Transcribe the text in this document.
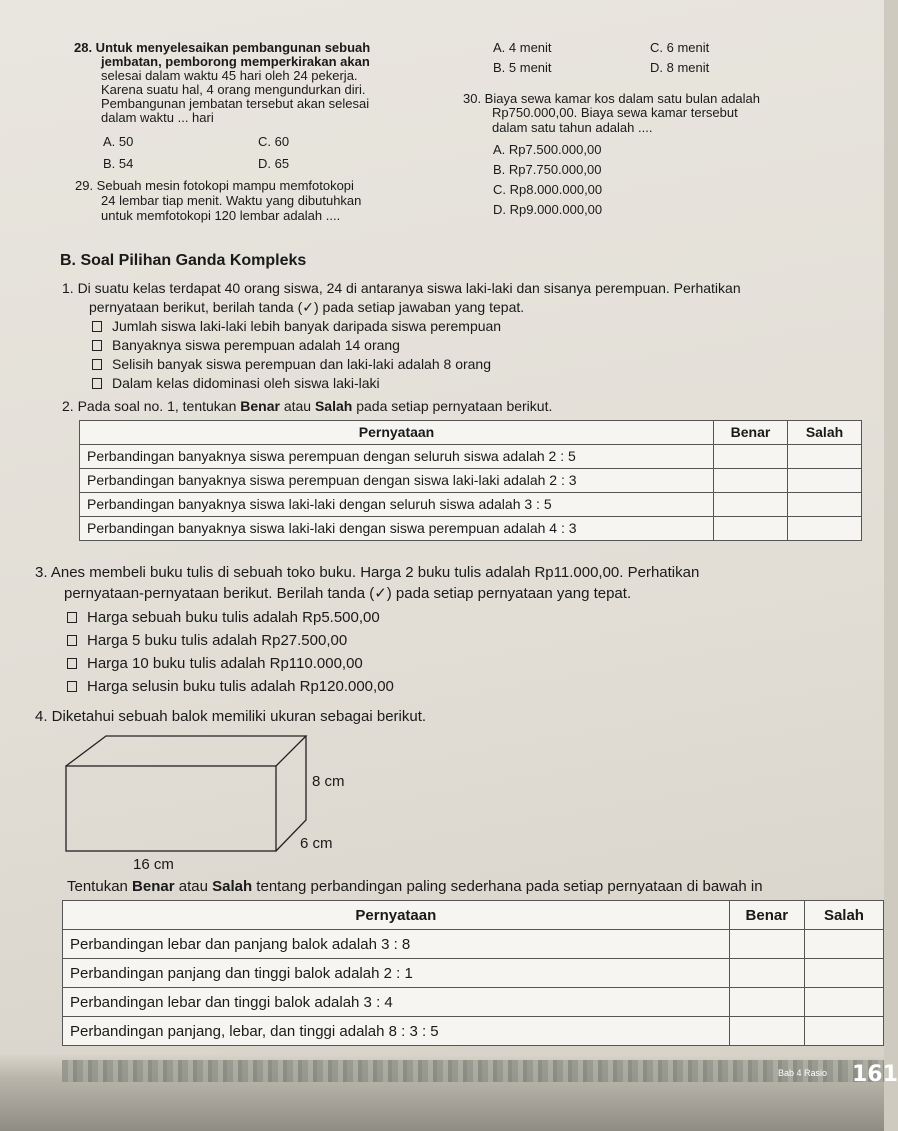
28. Untuk menyelesaikan pembangunan sebuah
jembatan, pemborong memperkirakan akan
selesai dalam waktu 45 hari oleh 24 pekerja.
Karena suatu hal, 4 orang mengundurkan diri.
Pembangunan jembatan tersebut akan selesai
dalam waktu ... hari
A. 50	C. 60
B. 54	D. 65
29. Sebuah mesin fotokopi mampu memfotokopi
24 lembar tiap menit. Waktu yang dibutuhkan
untuk memfotokopi 120 lembar adalah ....
A. 4 menit	C. 6 menit
B. 5 menit	D. 8 menit
30. Biaya sewa kamar kos dalam satu bulan adalah
Rp750.000,00. Biaya sewa kamar tersebut
dalam satu tahun adalah ....
A. Rp7.500.000,00
B. Rp7.750.000,00
C. Rp8.000.000,00
D. Rp9.000.000,00
B. Soal Pilihan Ganda Kompleks
1. Di suatu kelas terdapat 40 orang siswa, 24 di antaranya siswa laki-laki dan sisanya perempuan. Perhatikan
pernyataan berikut, berilah tanda (✓) pada setiap jawaban yang tepat.
Jumlah siswa laki-laki lebih banyak daripada siswa perempuan
Banyaknya siswa perempuan adalah 14 orang
Selisih banyak siswa perempuan dan laki-laki adalah 8 orang
Dalam kelas didominasi oleh siswa laki-laki
2. Pada soal no. 1, tentukan Benar atau Salah pada setiap pernyataan berikut.
Pernyataan	Benar	Salah
Perbandingan banyaknya siswa perempuan dengan seluruh siswa adalah 2 : 5		
Perbandingan banyaknya siswa perempuan dengan siswa laki-laki adalah 2 : 3		
Perbandingan banyaknya siswa laki-laki dengan seluruh siswa adalah 3 : 5		
Perbandingan banyaknya siswa laki-laki dengan siswa perempuan adalah 4 : 3		
3. Anes membeli buku tulis di sebuah toko buku. Harga 2 buku tulis adalah Rp11.000,00. Perhatikan
pernyataan-pernyataan berikut. Berilah tanda (✓) pada setiap pernyataan yang tepat.
Harga sebuah buku tulis adalah Rp5.500,00
Harga 5 buku tulis adalah Rp27.500,00
Harga 10 buku tulis adalah Rp110.000,00
Harga selusin buku tulis adalah Rp120.000,00
4. Diketahui sebuah balok memiliki ukuran sebagai berikut.
8 cm
6 cm
16 cm
Tentukan Benar atau Salah tentang perbandingan paling sederhana pada setiap pernyataan di bawah in
Pernyataan	Benar	Salah
Perbandingan lebar dan panjang balok adalah 3 : 8		
Perbandingan panjang dan tinggi balok adalah 2 : 1		
Perbandingan lebar dan tinggi balok adalah 3 : 4		
Perbandingan panjang, lebar, dan tinggi adalah 8 : 3 : 5		
Bab 4 Rasio 161
